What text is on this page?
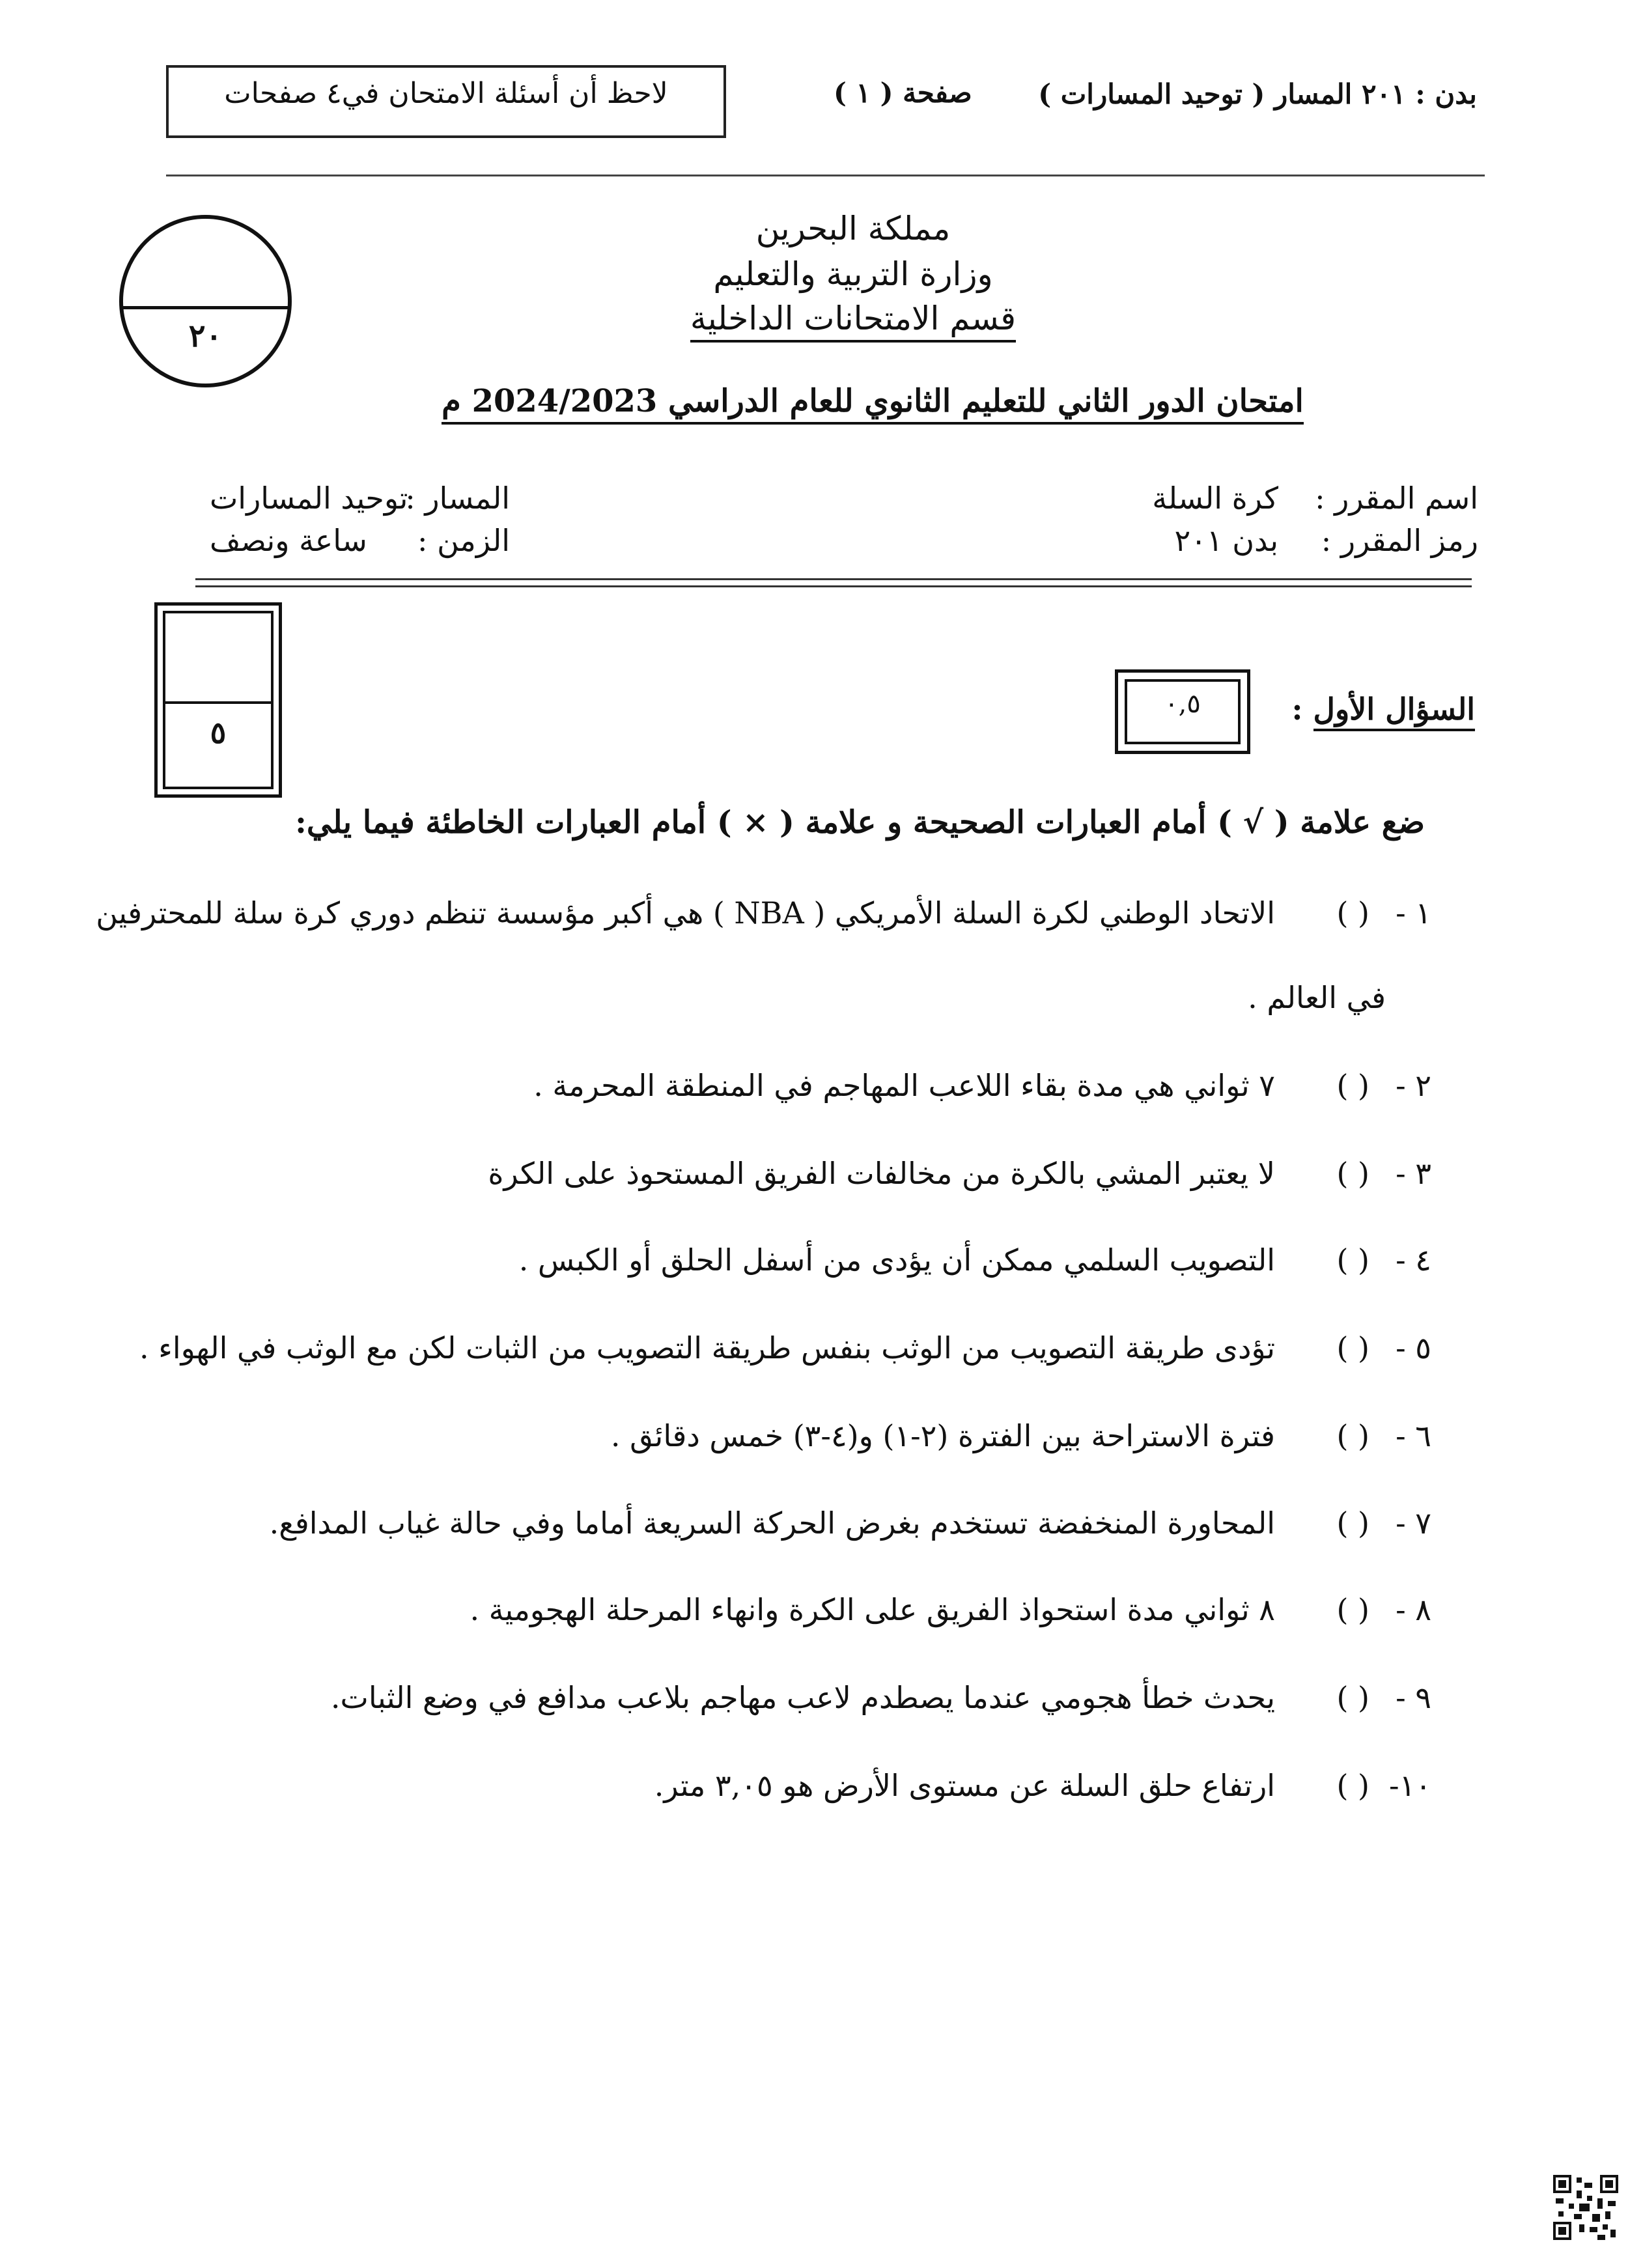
بدن : ٢٠١ المسار ( توحيد المسارات )
صفحة ( ١ )
لاحظ أن أسئلة الامتحان في٤ صفحات
مملكة البحرين
وزارة التربية والتعليم
قسم الامتحانات الداخلية
٢٠
امتحان الدور الثاني للتعليم الثانوي للعام الدراسي 2024/2023 م
اسم المقرر :
كرة السلة
رمز المقرر :
بدن ٢٠١
المسار :
توحيد المسارات
الزمن :
ساعة ونصف
٥
السؤال الأول :
٠,٥
ضع علامة ( √ ) أمام العبارات الصحيحة و علامة ( × ) أمام العبارات الخاطئة فيما يلي:
١ -
( )
الاتحاد الوطني لكرة السلة الأمريكي ( NBA ) هي أكبر مؤسسة تنظم دوري كرة سلة للمحترفين
في العالم .
٢ -
( )
٧ ثواني هي مدة بقاء اللاعب المهاجم في المنطقة المحرمة .
٣ -
( )
لا يعتبر المشي بالكرة من مخالفات الفريق المستحوذ على الكرة
٤ -
( )
التصويب السلمي ممكن أن يؤدى من أسفل الحلق أو الكبس .
٥ -
( )
تؤدى طريقة التصويب من الوثب بنفس طريقة التصويب من الثبات لكن مع الوثب في الهواء .
٦ -
( )
فترة الاستراحة بين الفترة (٢-١) و(٤-٣) خمس دقائق .
٧ -
( )
المحاورة المنخفضة تستخدم بغرض الحركة السريعة أماما وفي حالة غياب المدافع.
٨ -
( )
٨ ثواني مدة استحواذ الفريق على الكرة وانهاء المرحلة الهجومية .
٩ -
( )
يحدث خطأ هجومي عندما يصطدم لاعب مهاجم بلاعب مدافع في وضع الثبات.
١٠-
( )
ارتفاع حلق السلة عن مستوى الأرض هو ٣,٠٥ متر.
